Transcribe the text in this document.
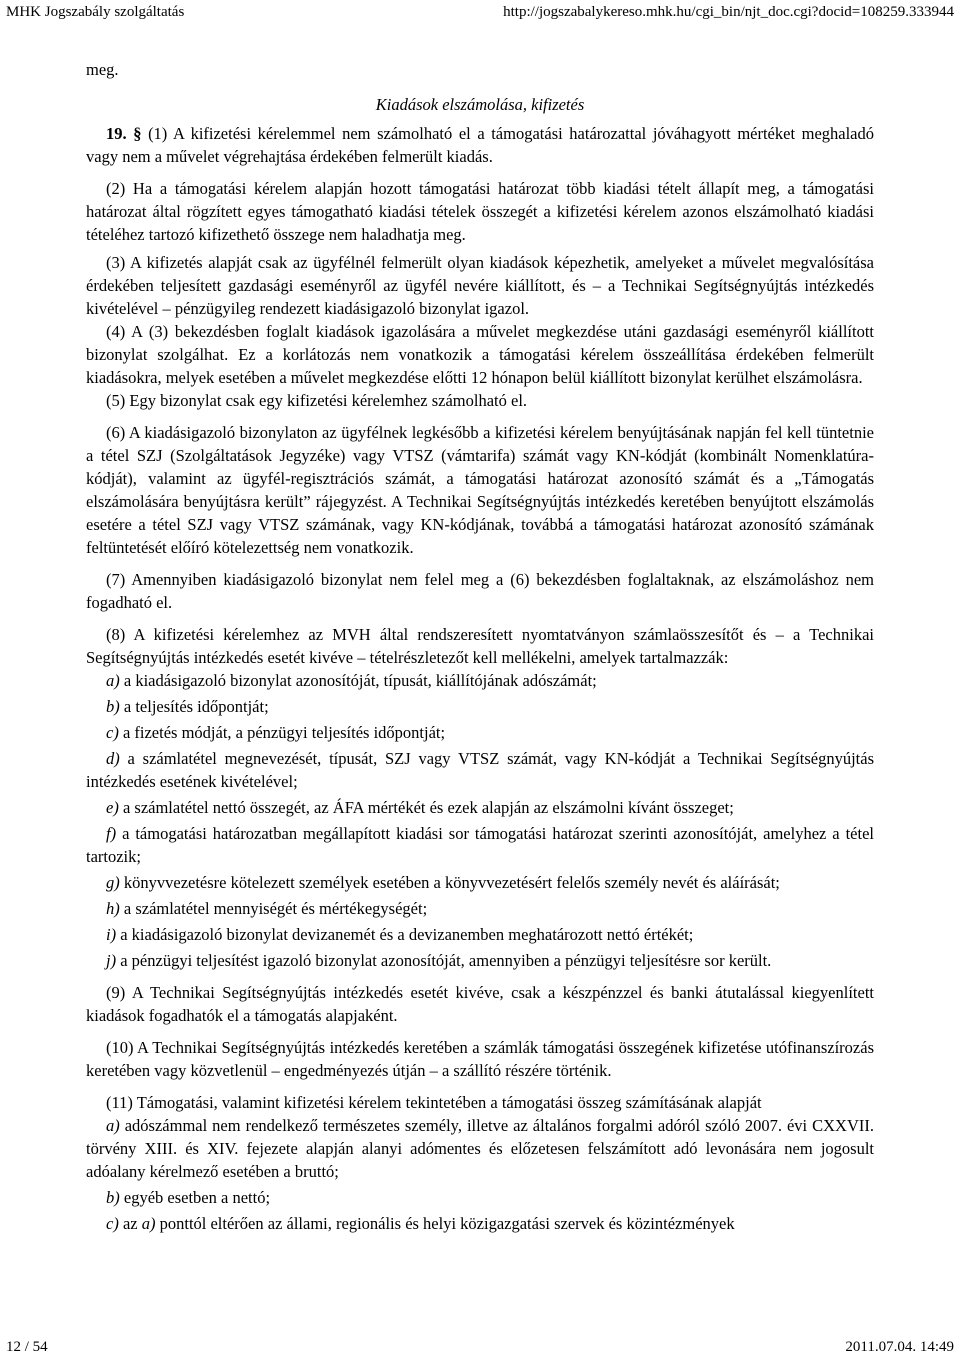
MHK Jogszabály szolgáltatás	http://jogszabalykereso.mhk.hu/cgi_bin/njt_doc.cgi?docid=108259.333944

meg.

Kiadások elszámolása, kifizetés

19. § (1) A kifizetési kérelemmel nem számolható el a támogatási határozattal jóváhagyott mértéket meghaladó vagy nem a művelet végrehajtása érdekében felmerült kiadás.

(2) Ha a támogatási kérelem alapján hozott támogatási határozat több kiadási tételt állapít meg, a támogatási határozat által rögzített egyes támogatható kiadási tételek összegét a kifizetési kérelem azonos elszámolható kiadási tételéhez tartozó kifizethető összege nem haladhatja meg.

(3) A kifizetés alapját csak az ügyfélnél felmerült olyan kiadások képezhetik, amelyeket a művelet megvalósítása érdekében teljesített gazdasági eseményről az ügyfél nevére kiállított, és – a Technikai Segítségnyújtás intézkedés kivételével – pénzügyileg rendezett kiadásigazoló bizonylat igazol.

(4) A (3) bekezdésben foglalt kiadások igazolására a művelet megkezdése utáni gazdasági eseményről kiállított bizonylat szolgálhat. Ez a korlátozás nem vonatkozik a támogatási kérelem összeállítása érdekében felmerült kiadásokra, melyek esetében a művelet megkezdése előtti 12 hónapon belül kiállított bizonylat kerülhet elszámolásra.

(5) Egy bizonylat csak egy kifizetési kérelemhez számolható el.

(6) A kiadásigazoló bizonylaton az ügyfélnek legkésőbb a kifizetési kérelem benyújtásának napján fel kell tüntetnie a tétel SZJ (Szolgáltatások Jegyzéke) vagy VTSZ (vámtarifa) számát vagy KN-kódját (kombinált Nomenklatúra-kódját), valamint az ügyfél-regisztrációs számát, a támogatási határozat azonosító számát és a „Támogatás elszámolására benyújtásra került” rájegyzést. A Technikai Segítségnyújtás intézkedés keretében benyújtott elszámolás esetére a tétel SZJ vagy VTSZ számának, vagy KN-kódjának, továbbá a támogatási határozat azonosító számának feltüntetését előíró kötelezettség nem vonatkozik.

(7) Amennyiben kiadásigazoló bizonylat nem felel meg a (6) bekezdésben foglaltaknak, az elszámoláshoz nem fogadható el.

(8) A kifizetési kérelemhez az MVH által rendszeresített nyomtatványon számlaösszesítőt és – a Technikai Segítségnyújtás intézkedés esetét kivéve – tételrészletezőt kell mellékelni, amelyek tartalmazzák:

a) a kiadásigazoló bizonylat azonosítóját, típusát, kiállítójának adószámát;

b) a teljesítés időpontját;

c) a fizetés módját, a pénzügyi teljesítés időpontját;

d) a számlatétel megnevezését, típusát, SZJ vagy VTSZ számát, vagy KN-kódját a Technikai Segítségnyújtás intézkedés esetének kivételével;

e) a számlatétel nettó összegét, az ÁFA mértékét és ezek alapján az elszámolni kívánt összeget;

f) a támogatási határozatban megállapított kiadási sor támogatási határozat szerinti azonosítóját, amelyhez a tétel tartozik;

g) könyvvezetésre kötelezett személyek esetében a könyvvezetésért felelős személy nevét és aláírását;

h) a számlatétel mennyiségét és mértékegységét;

i) a kiadásigazoló bizonylat devizanemét és a devizanemben meghatározott nettó értékét;

j) a pénzügyi teljesítést igazoló bizonylat azonosítóját, amennyiben a pénzügyi teljesítésre sor került.

(9) A Technikai Segítségnyújtás intézkedés esetét kivéve, csak a készpénzzel és banki átutalással kiegyenlített kiadások fogadhatók el a támogatás alapjaként.

(10) A Technikai Segítségnyújtás intézkedés keretében a számlák támogatási összegének kifizetése utófinanszírozás keretében vagy közvetlenül – engedményezés útján – a szállító részére történik.

(11) Támogatási, valamint kifizetési kérelem tekintetében a támogatási összeg számításának alapját

a) adószámmal nem rendelkező természetes személy, illetve az általános forgalmi adóról szóló 2007. évi CXXVII. törvény XIII. és XIV. fejezete alapján alanyi adómentes és előzetesen felszámított adó levonására nem jogosult adóalany kérelmező esetében a bruttó;

b) egyéb esetben a nettó;

c) az a) ponttól eltérően az állami, regionális és helyi közigazgatási szervek és közintézmények

12 / 54	2011.07.04. 14:49
